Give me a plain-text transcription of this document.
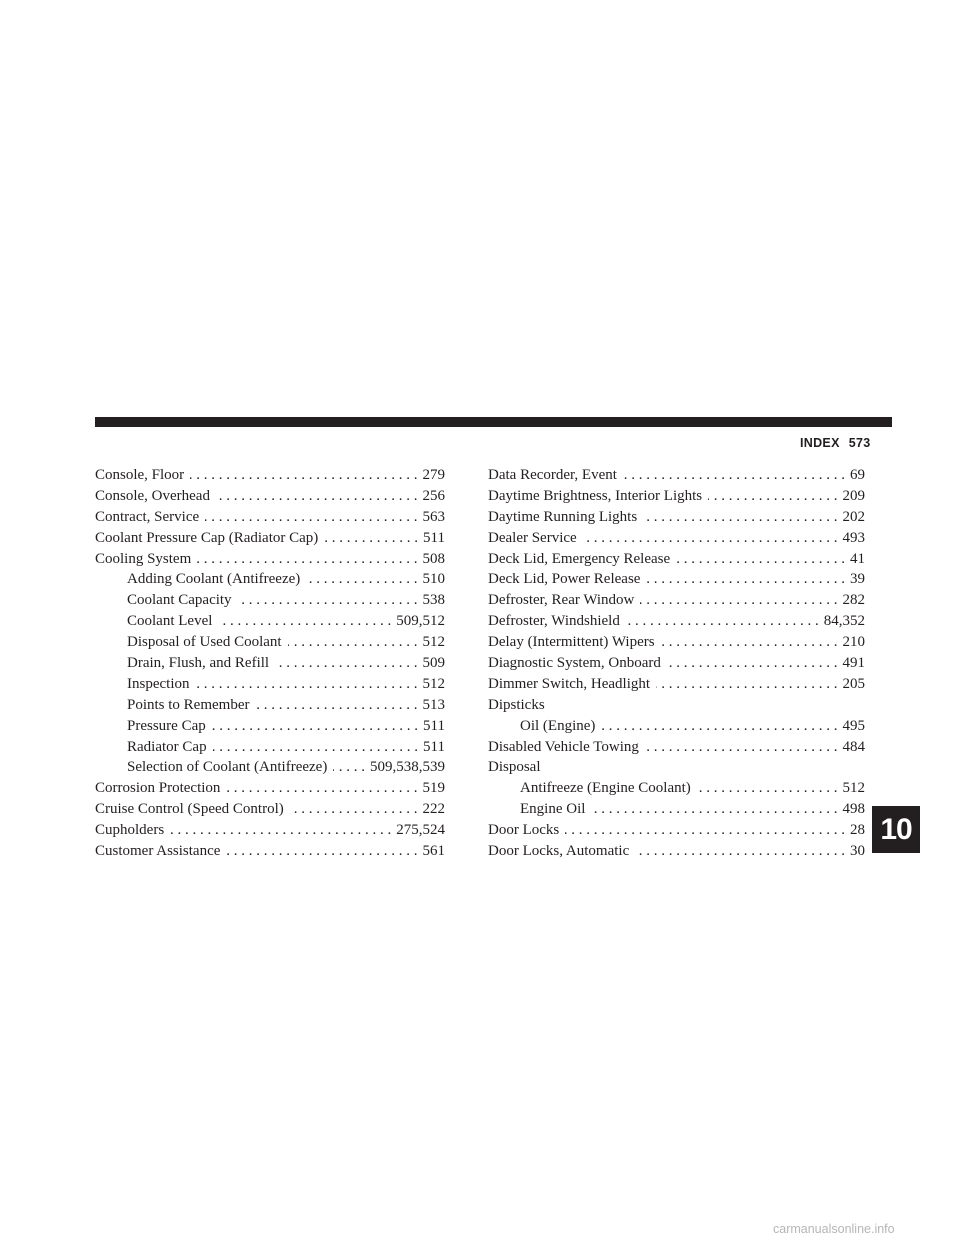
INDEX 573
Console, Floor . . .	279
Console, Overhead . . .	256
Contract, Service . . .	563
Coolant Pressure Cap (Radiator Cap) . . .	511
Cooling System . . .	508
Adding Coolant (Antifreeze) . . .	510
Coolant Capacity . . .	538
Coolant Level . . .	509,512
Disposal of Used Coolant . . .	512
Drain, Flush, and Refill . . .	509
Inspection . . .	512
Points to Remember . . .	513
Pressure Cap . . .	511
Radiator Cap . . .	511
Selection of Coolant (Antifreeze) . . .	509,538,539
Corrosion Protection . . .	519
Cruise Control (Speed Control) . . .	222
Cupholders . . .	275,524
Customer Assistance . . .	561
Data Recorder, Event . . .	69
Daytime Brightness, Interior Lights . . .	209
Daytime Running Lights . . .	202
Dealer Service . . .	493
Deck Lid, Emergency Release . . .	41
Deck Lid, Power Release . . .	39
Defroster, Rear Window . . .	282
Defroster, Windshield . . .	84,352
Delay (Intermittent) Wipers . . .	210
Diagnostic System, Onboard . . .	491
Dimmer Switch, Headlight . . .	205
Dipsticks
Oil (Engine) . . .	495
Disabled Vehicle Towing . . .	484
Disposal
Antifreeze (Engine Coolant) . . .	512
Engine Oil . . .	498
Door Locks . . .	28
Door Locks, Automatic . . .	30
10
carmanualsonline.info
